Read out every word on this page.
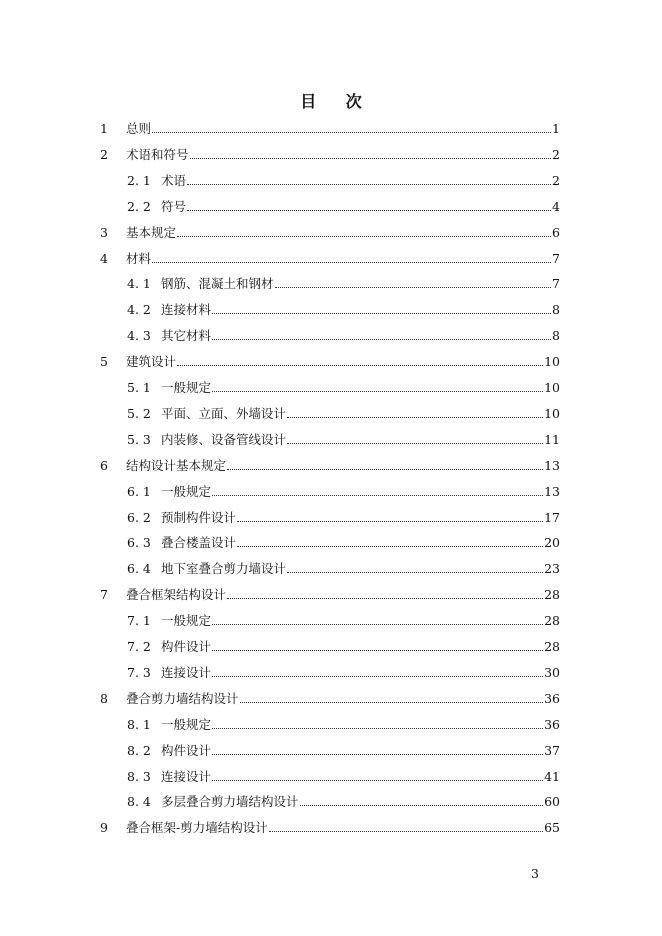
目 次
1	总则	1
2	术语和符号	2
2. 1 术语	2
2. 2 符号	4
3	基本规定	6
4	材料	7
4. 1 钢筋、混凝土和钢材	7
4. 2 连接材料	8
4. 3 其它材料	8
5	建筑设计	10
5. 1 一般规定	10
5. 2 平面、立面、外墙设计	10
5. 3 内装修、设备管线设计	11
6	结构设计基本规定	13
6. 1 一般规定	13
6. 2 预制构件设计	17
6. 3 叠合楼盖设计	20
6. 4 地下室叠合剪力墙设计	23
7	叠合框架结构设计	28
7. 1 一般规定	28
7. 2 构件设计	28
7. 3 连接设计	30
8	叠合剪力墙结构设计	36
8. 1 一般规定	36
8. 2 构件设计	37
8. 3 连接设计	41
8. 4 多层叠合剪力墙结构设计	60
9	叠合框架-剪力墙结构设计	65
3
